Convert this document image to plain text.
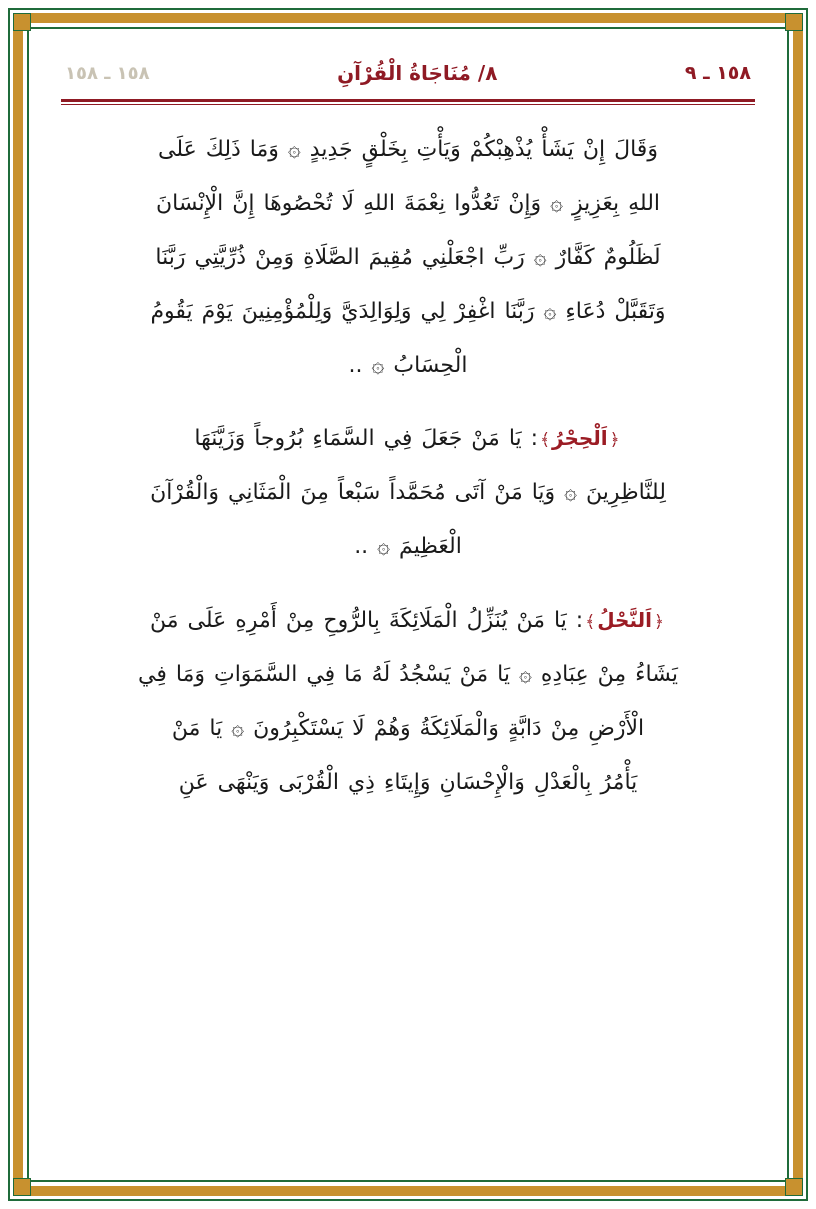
١٥٨ ـ ٩
٨/ مُنَاجَاةُ الْقُرْآنِ
١٥٨ ـ ١٥٨
وَقَالَ إِنْ يَشَأْ يُذْهِبْكُمْ وَيَأْتِ بِخَلْقٍ جَدِيدٍ ۞ وَمَا ذَلِكَ عَلَى
اللهِ بِعَزِيزٍ ۞ وَإِنْ تَعُدُّوا نِعْمَةَ اللهِ لَا تُحْصُوهَا إِنَّ الْإِنْسَانَ
لَظَلُومٌ كَفَّارٌ ۞ رَبِّ اجْعَلْنِي مُقِيمَ الصَّلَاةِ وَمِنْ ذُرِّيَّتِي رَبَّنَا
وَتَقَبَّلْ دُعَاءِ ۞ رَبَّنَا اغْفِرْ لِي وَلِوَالِدَيَّ وَلِلْمُؤْمِنِينَ يَوْمَ يَقُومُ
الْحِسَابُ ۞ ..
﴿اَلْحِجْرُ﴾: يَا مَنْ جَعَلَ فِي السَّمَاءِ بُرُوجاً وَزَيَّنَهَا
لِلنَّاظِرِينَ ۞ وَيَا مَنْ آتَى مُحَمَّداً سَبْعاً مِنَ الْمَثَانِي وَالْقُرْآنَ
الْعَظِيمَ ۞ ..
﴿اَلنَّحْلُ﴾: يَا مَنْ يُنَزِّلُ الْمَلَائِكَةَ بِالرُّوحِ مِنْ أَمْرِهِ عَلَى مَنْ
يَشَاءُ مِنْ عِبَادِهِ ۞ يَا مَنْ يَسْجُدُ لَهُ مَا فِي السَّمَوَاتِ وَمَا فِي
الْأَرْضِ مِنْ دَابَّةٍ وَالْمَلَائِكَةُ وَهُمْ لَا يَسْتَكْبِرُونَ ۞ يَا مَنْ
يَأْمُرُ بِالْعَدْلِ وَالْإِحْسَانِ وَإِيتَاءِ ذِي الْقُرْبَى وَيَنْهَى عَنِ
